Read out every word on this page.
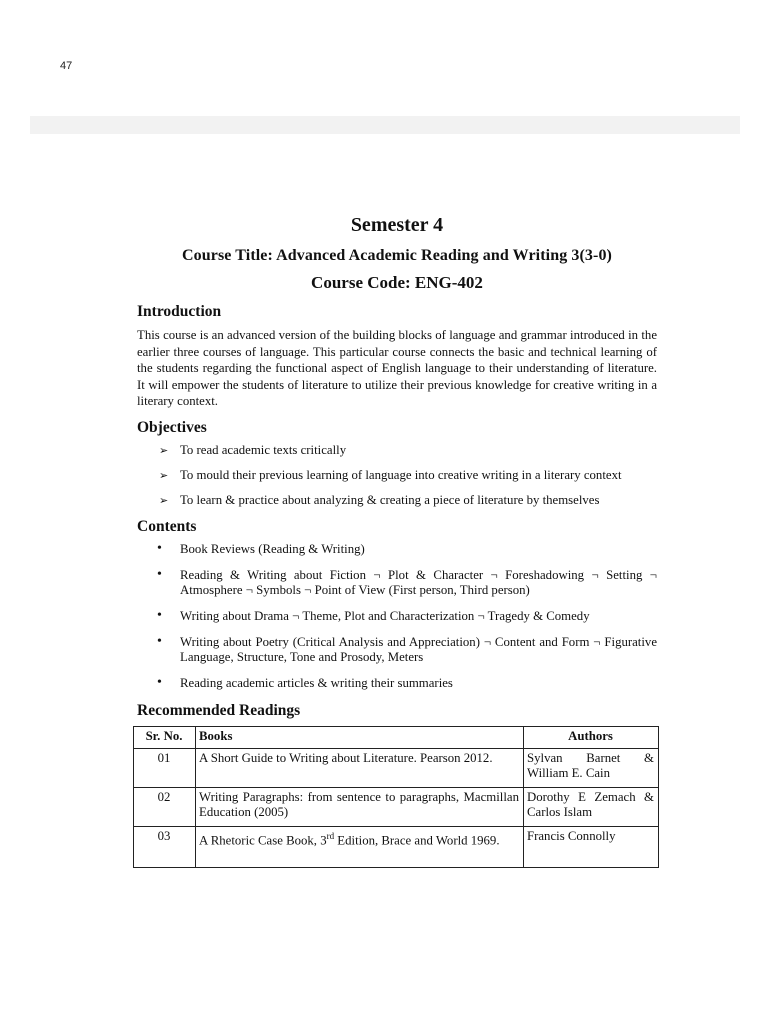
47
Semester 4
Course Title: Advanced Academic Reading and Writing 3(3-0)
Course Code: ENG-402
Introduction

This course is an advanced version of the building blocks of language and grammar introduced in the earlier three courses of language. This particular course connects the basic and technical learning of the students regarding the functional aspect of English language to their understanding of literature. It will empower the students of literature to utilize their previous knowledge for creative writing in a literary context.

Objectives
➢ To read academic texts critically
➢ To mould their previous learning of language into creative writing in a literary context
➢ To learn & practice about analyzing & creating a piece of literature by themselves
Contents
• Book Reviews (Reading & Writing)
• Reading & Writing about Fiction ¬ Plot & Character ¬ Foreshadowing ¬ Setting ¬ Atmosphere ¬ Symbols ¬ Point of View (First person, Third person)
• Writing about Drama ¬ Theme, Plot and Characterization ¬ Tragedy & Comedy
• Writing about Poetry (Critical Analysis and Appreciation) ¬ Content and Form ¬ Figurative Language, Structure, Tone and Prosody, Meters
• Reading academic articles & writing their summaries
Recommended Readings
Sr. No.	Books	Authors
01	A Short Guide to Writing about Literature. Pearson 2012.	Sylvan Barnet & William E. Cain
02	Writing Paragraphs: from sentence to paragraphs, Macmillan Education (2005)	Dorothy E Zemach & Carlos Islam
03	A Rhetoric Case Book, 3rd Edition, Brace and World 1969.	Francis Connolly
